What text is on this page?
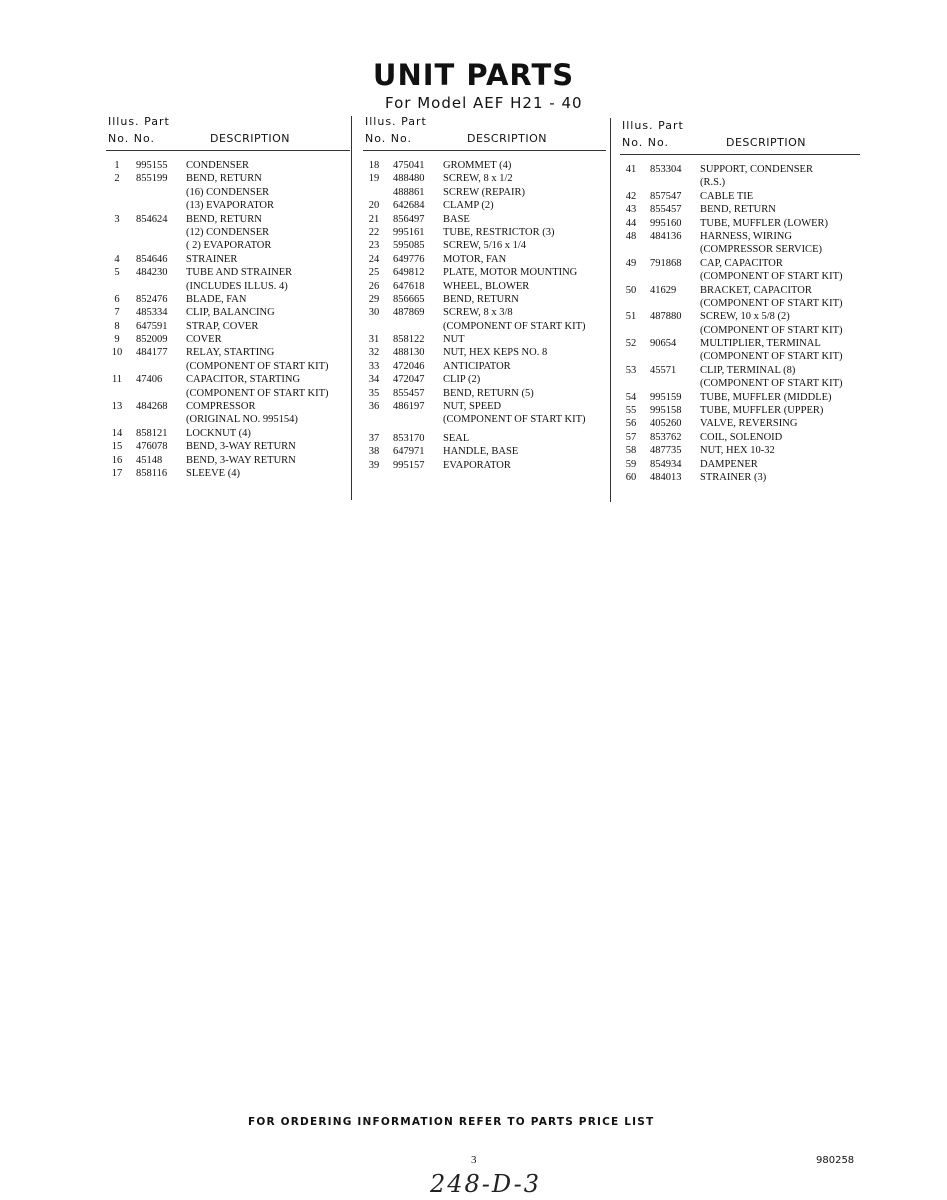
UNIT PARTS

For Model AEF H21 - 40

Illus. Part
No. No.	DESCRIPTION
1	995155 CONDENSER
2	855199 BEND, RETURN
(16) CONDENSER
(13) EVAPORATOR
3	854624 BEND, RETURN
(12) CONDENSER
( 2) EVAPORATOR
4	854646 STRAINER
5	484230 TUBE AND STRAINER
(INCLUDES ILLUS. 4)
6	852476 BLADE, FAN
7	485334 CLIP, BALANCING
8	647591 STRAP, COVER
9	852009 COVER
10	484177 RELAY, STARTING
(COMPONENT OF START KIT)
11	47406 CAPACITOR, STARTING
(COMPONENT OF START KIT)
13	484268 COMPRESSOR
(ORIGINAL NO. 995154)
14	858121 LOCKNUT (4)
15	476078 BEND, 3-WAY RETURN
16	45148 BEND, 3-WAY RETURN
17	858116 SLEEVE (4)
Illus. Part
No. No.	DESCRIPTION
18	475041 GROMMET (4)
19	488480 SCREW, 8 x 1/2
488861 SCREW (REPAIR)
20	642684 CLAMP (2)
21	856497 BASE
22	995161 TUBE, RESTRICTOR (3)
23	595085 SCREW, 5/16 x 1/4
24	649776 MOTOR, FAN
25	649812 PLATE, MOTOR MOUNTING
26	647618 WHEEL, BLOWER
29	856665 BEND, RETURN
30	487869 SCREW, 8 x 3/8
(COMPONENT OF START KIT)
31	858122 NUT
32	488130 NUT, HEX KEPS NO. 8
33	472046 ANTICIPATOR
34	472047 CLIP (2)
35	855457 BEND, RETURN (5)
36	486197 NUT, SPEED
(COMPONENT OF START KIT)
37	853170 SEAL
38	647971 HANDLE, BASE
39	995157 EVAPORATOR
Illus. Part
No. No.	DESCRIPTION
41	853304 SUPPORT, CONDENSER
(R.S.)
42	857547 CABLE TIE
43	855457 BEND, RETURN
44	995160 TUBE, MUFFLER (LOWER)
48	484136 HARNESS, WIRING
(COMPRESSOR SERVICE)
49	791868 CAP, CAPACITOR
(COMPONENT OF START KIT)
50	41629 BRACKET, CAPACITOR
(COMPONENT OF START KIT)
51	487880 SCREW, 10 x 5/8 (2)
(COMPONENT OF START KIT)
52	90654 MULTIPLIER, TERMINAL
(COMPONENT OF START KIT)
53	45571 CLIP, TERMINAL (8)
(COMPONENT OF START KIT)
54	995159 TUBE, MUFFLER (MIDDLE)
55	995158 TUBE, MUFFLER (UPPER)
56	405260 VALVE, REVERSING
57	853762 COIL, SOLENOID
58	487735 NUT, HEX 10-32
59	854934 DAMPENER
60	484013 STRAINER (3)

FOR ORDERING INFORMATION REFER TO PARTS PRICE LIST

3	980258
248-D-3
